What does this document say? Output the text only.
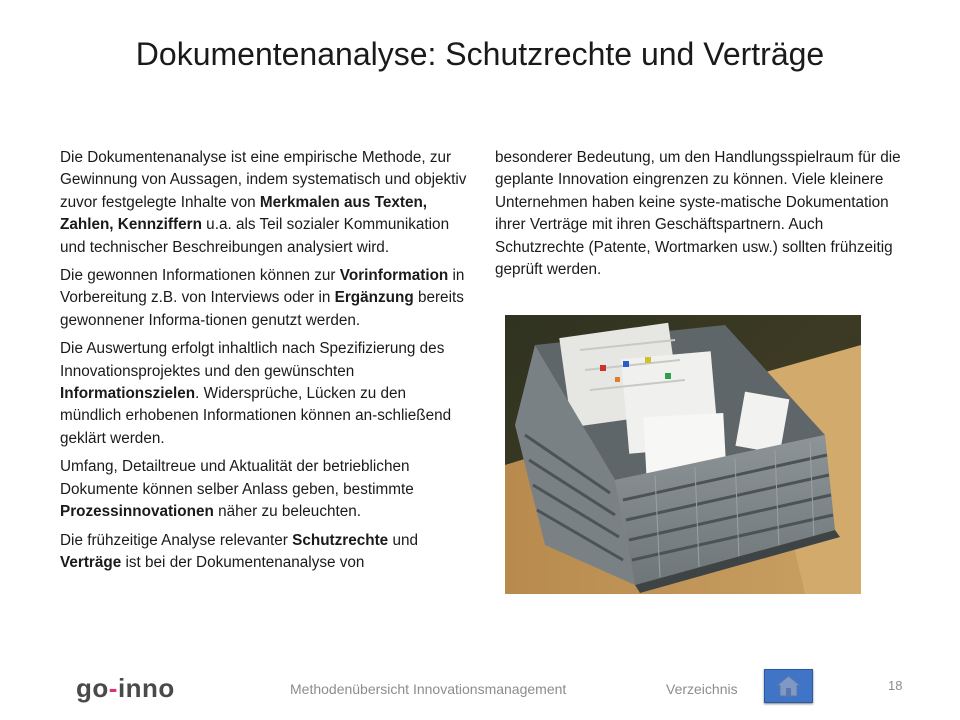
Dokumentenanalyse: Schutzrechte und Verträge

Die Dokumentenanalyse ist eine empirische Methode, zur Gewinnung von Aussagen, indem systematisch und objektiv zuvor festgelegte Inhalte von Merkmalen aus Texten, Zahlen, Kennziffern u.a. als Teil sozialer Kommunikation und technischer Beschreibungen analysiert wird.

Die gewonnen Informationen können zur Vorinformation in Vorbereitung z.B. von Interviews oder in Ergänzung bereits gewonnener Informa-tionen genutzt werden.

Die Auswertung erfolgt inhaltlich nach Spezifizierung des Innovationsprojektes und den gewünschten Informationszielen. Widersprüche, Lücken zu den mündlich erhobenen Informationen können an-schließend geklärt werden.

Umfang, Detailtreue und Aktualität der betrieblichen Dokumente können selber Anlass geben, bestimmte Prozessinnovationen näher zu beleuchten.

Die frühzeitige Analyse relevanter Schutzrechte und Verträge ist bei der Dokumentenanalyse von

besonderer Bedeutung, um den Handlungsspielraum für die geplante Innovation eingrenzen zu können. Viele kleinere Unternehmen haben keine syste-matische Dokumentation ihrer Verträge mit ihren Geschäftspartnern. Auch Schutzrechte (Patente, Wortmarken usw.) sollten frühzeitig geprüft werden.

go-inno	Methodenübersicht Innovationsmanagement	Verzeichnis	18
